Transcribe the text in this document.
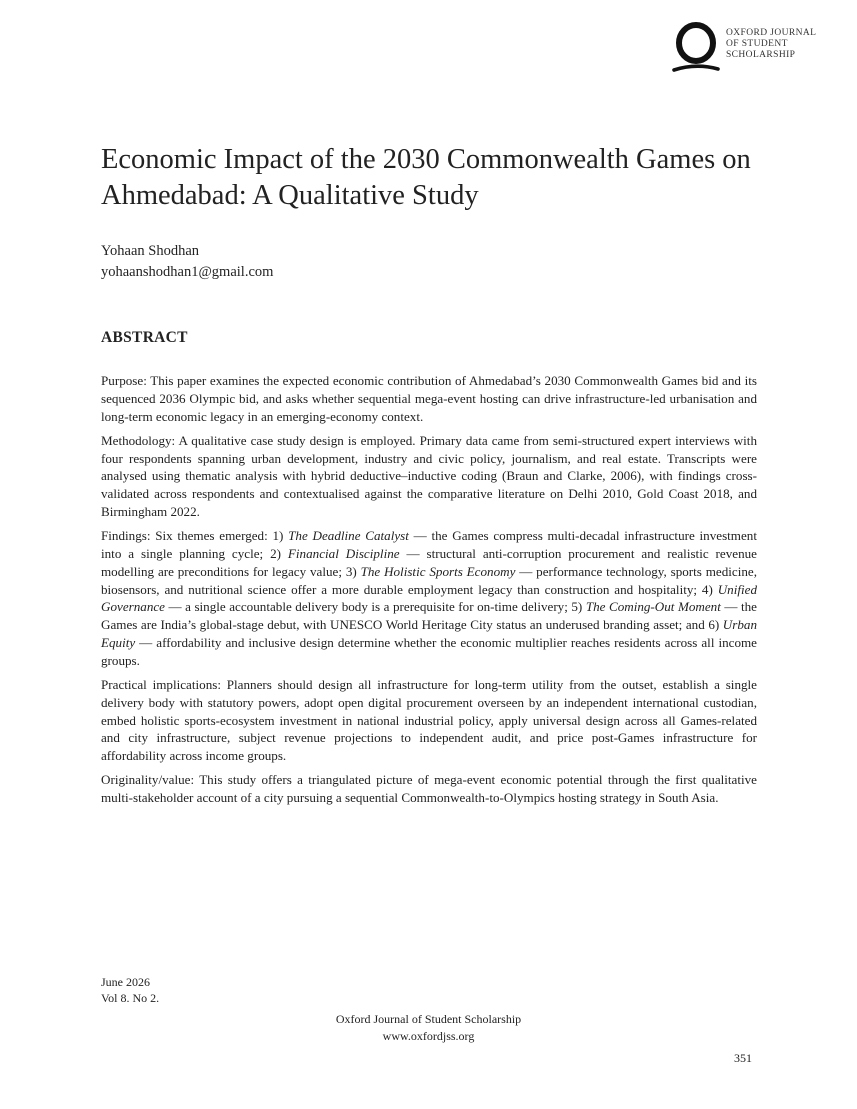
OXFORD JOURNAL
OF STUDENT
SCHOLARSHIP
Economic Impact of the 2030 Commonwealth Games on Ahmedabad: A Qualitative Study
Yohaan Shodhan
yohaanshodhan1@gmail.com
ABSTRACT

Purpose: This paper examines the expected economic contribution of Ahmedabad’s 2030 Commonwealth Games bid and its sequenced 2036 Olympic bid, and asks whether sequential mega-event hosting can drive infrastructure-led urbanisation and long-term economic legacy in an emerging-economy context.

Methodology: A qualitative case study design is employed. Primary data came from semi-structured expert interviews with four respondents spanning urban development, industry and civic policy, journalism, and real estate. Transcripts were analysed using thematic analysis with hybrid deductive–inductive coding (Braun and Clarke, 2006), with findings cross-validated across respondents and contextualised against the comparative literature on Delhi 2010, Gold Coast 2018, and Birmingham 2022.

Findings: Six themes emerged: 1) The Deadline Catalyst — the Games compress multi-decadal infrastructure investment into a single planning cycle; 2) Financial Discipline — structural anti-corruption procurement and realistic revenue modelling are preconditions for legacy value; 3) The Holistic Sports Economy — performance technology, sports medicine, biosensors, and nutritional science offer a more durable employment legacy than construction and hospitality; 4) Unified Governance — a single accountable delivery body is a prerequisite for on-time delivery; 5) The Coming-Out Moment — the Games are India’s global-stage debut, with UNESCO World Heritage City status an underused branding asset; and 6) Urban Equity — affordability and inclusive design determine whether the economic multiplier reaches residents across all income groups.

Practical implications: Planners should design all infrastructure for long-term utility from the outset, establish a single delivery body with statutory powers, adopt open digital procurement overseen by an independent international custodian, embed holistic sports-ecosystem investment in national industrial policy, apply universal design across all Games-related and city infrastructure, subject revenue projections to independent audit, and price post-Games infrastructure for affordability across income groups.

Originality/value: This study offers a triangulated picture of mega-event economic potential through the first qualitative multi-stakeholder account of a city pursuing a sequential Commonwealth-to-Olympics hosting strategy in South Asia.

June 2026
Vol 8. No 2.
Oxford Journal of Student Scholarship
www.oxfordjss.org
351
